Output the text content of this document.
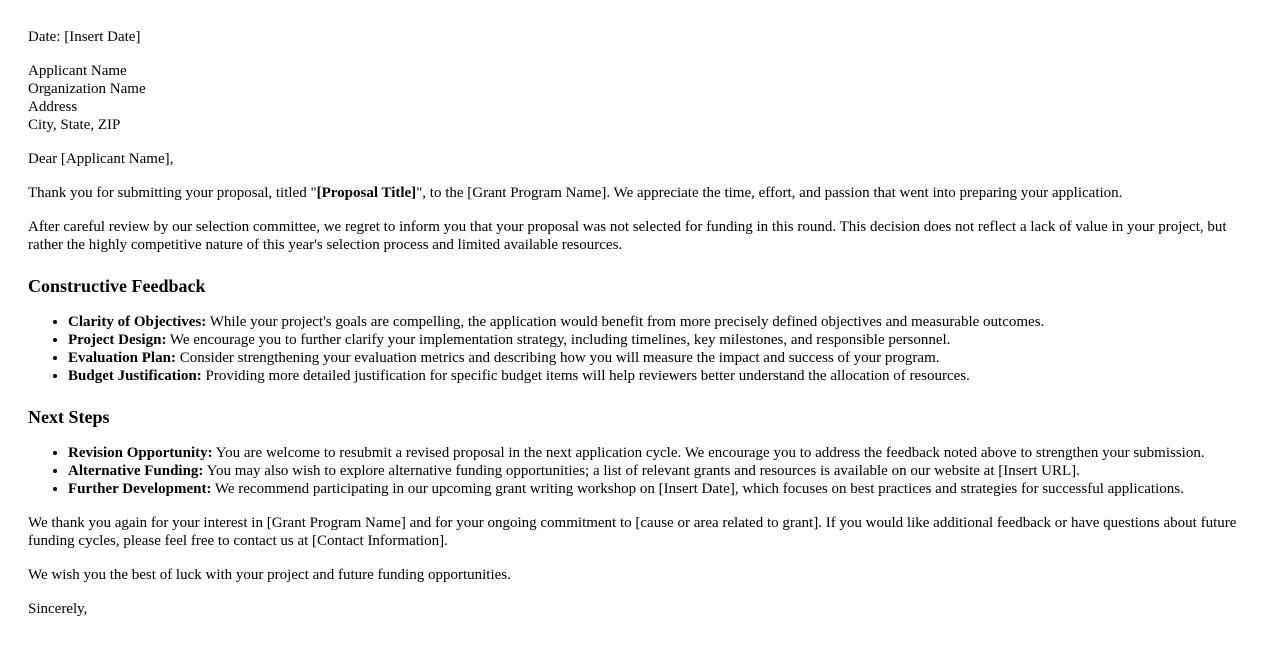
Date: [Insert Date]

Applicant Name
Organization Name
Address
City, State, ZIP

Dear [Applicant Name],

Thank you for submitting your proposal, titled "[Proposal Title]", to the [Grant Program Name]. We appreciate the time, effort, and passion that went into preparing your application.

After careful review by our selection committee, we regret to inform you that your proposal was not selected for funding in this round. This decision does not reflect a lack of value in your project, but rather the highly competitive nature of this year's selection process and limited available resources.

Constructive Feedback
• Clarity of Objectives: While your project's goals are compelling, the application would benefit from more precisely defined objectives and measurable outcomes.
• Project Design: We encourage you to further clarify your implementation strategy, including timelines, key milestones, and responsible personnel.
• Evaluation Plan: Consider strengthening your evaluation metrics and describing how you will measure the impact and success of your program.
• Budget Justification: Providing more detailed justification for specific budget items will help reviewers better understand the allocation of resources.
Next Steps
• Revision Opportunity: You are welcome to resubmit a revised proposal in the next application cycle. We encourage you to address the feedback noted above to strengthen your submission.
• Alternative Funding: You may also wish to explore alternative funding opportunities; a list of relevant grants and resources is available on our website at [Insert URL].
• Further Development: We recommend participating in our upcoming grant writing workshop on [Insert Date], which focuses on best practices and strategies for successful applications.

We thank you again for your interest in [Grant Program Name] and for your ongoing commitment to [cause or area related to grant]. If you would like additional feedback or have questions about future funding cycles, please feel free to contact us at [Contact Information].

We wish you the best of luck with your project and future funding opportunities.

Sincerely,
